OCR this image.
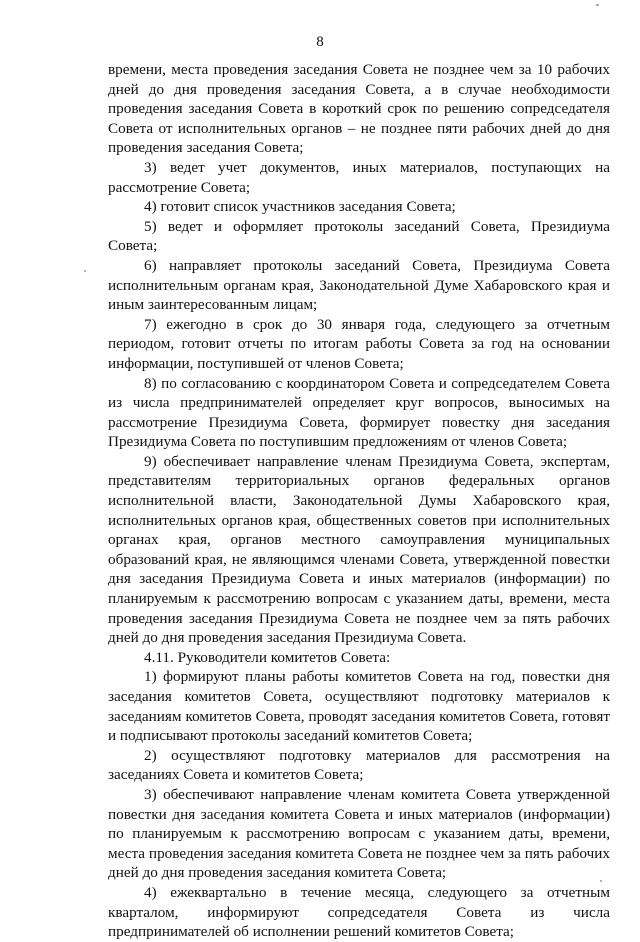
8

времени, места проведения заседания Совета не позднее чем за 10 рабочих дней до дня проведения заседания Совета, а в случае необходимости проведения заседания Совета в короткий срок по решению сопредседателя Совета от исполнительных органов – не позднее пяти рабочих дней до дня проведения заседания Совета;

3) ведет учет документов, иных материалов, поступающих на рассмотрение Совета;

4) готовит список участников заседания Совета;

5) ведет и оформляет протоколы заседаний Совета, Президиума Совета;

6) направляет протоколы заседаний Совета, Президиума Совета исполнительным органам края, Законодательной Думе Хабаровского края и иным заинтересованным лицам;

7) ежегодно в срок до 30 января года, следующего за отчетным периодом, готовит отчеты по итогам работы Совета за год на основании информации, поступившей от членов Совета;

8) по согласованию с координатором Совета и сопредседателем Совета из числа предпринимателей определяет круг вопросов, выносимых на рассмотрение Президиума Совета, формирует повестку дня заседания Президиума Совета по поступившим предложениям от членов Совета;

9) обеспечивает направление членам Президиума Совета, экспертам, представителям территориальных органов федеральных органов исполнительной власти, Законодательной Думы Хабаровского края, исполнительных органов края, общественных советов при исполнительных органах края, органов местного самоуправления муниципальных образований края, не являющимся членами Совета, утвержденной повестки дня заседания Президиума Совета и иных материалов (информации) по планируемым к рассмотрению вопросам с указанием даты, времени, места проведения заседания Президиума Совета не позднее чем за пять рабочих дней до дня проведения заседания Президиума Совета.

4.11. Руководители комитетов Совета:

1) формируют планы работы комитетов Совета на год, повестки дня заседания комитетов Совета, осуществляют подготовку материалов к заседаниям комитетов Совета, проводят заседания комитетов Совета, готовят и подписывают протоколы заседаний комитетов Совета;

2) осуществляют подготовку материалов для рассмотрения на заседаниях Совета и комитетов Совета;

3) обеспечивают направление членам комитета Совета утвержденной повестки дня заседания комитета Совета и иных материалов (информации) по планируемым к рассмотрению вопросам с указанием даты, времени, места проведения заседания комитета Совета не позднее чем за пять рабочих дней до дня проведения заседания комитета Совета;

4) ежеквартально в течение месяца, следующего за отчетным кварталом, информируют сопредседателя Совета из числа предпринимателей об исполнении решений комитетов Совета;
